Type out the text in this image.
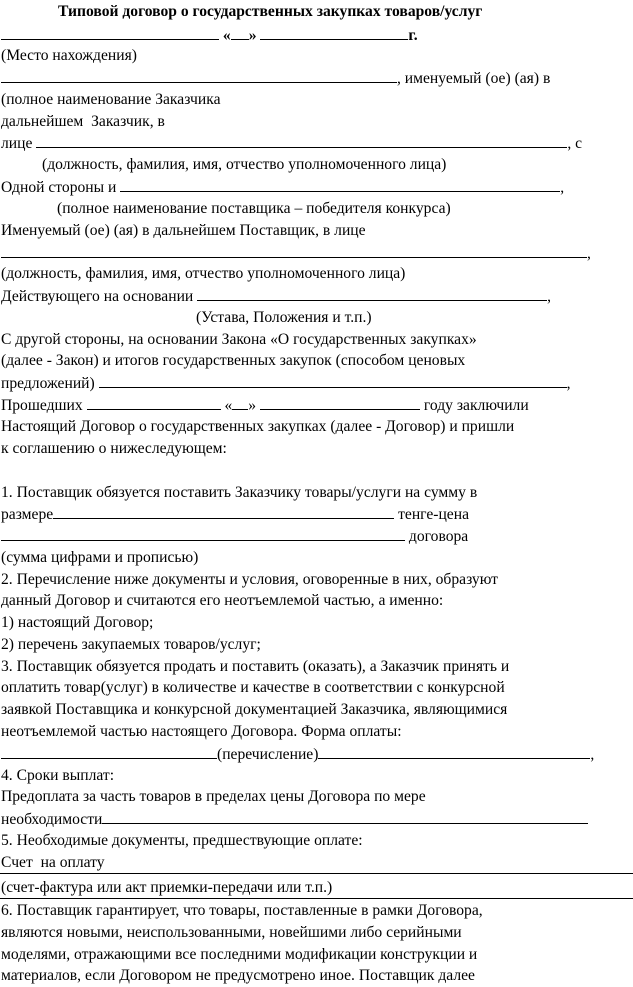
Типовой договор о государственных закупках товаров/услуг
« »	г.
(Место нахождения)
, именуемый (ое) (ая) в
(полное наименование Заказчика
дальнейшем  Заказчик, в
лице	, с
(должность, фамилия, имя, отчество уполномоченного лица)
Одной стороны и	,
(полное наименование поставщика – победителя конкурса)
Именуемый (ое) (ая) в дальнейшем Поставщик, в лице
,
(должность, фамилия, имя, отчество уполномоченного лица)
Действующего на основании	,
(Устава, Положения и т.п.)
С другой стороны, на основании Закона «О государственных закупках»
(далее - Закон) и итогов государственных закупок (способом ценовых
предложений)	,
Прошедших	« »	году заключили
Настоящий Договор о государственных закупках (далее - Договор) и пришли
к соглашению о нижеследующем:
1. Поставщик обязуется поставить Заказчику товары/услуги на сумму в
размере	тенге-цена
договора
(сумма цифрами и прописью)
2. Перечисление ниже документы и условия, оговоренные в них, образуют
данный Договор и считаются его неотъемлемой частью, а именно:
1) настоящий Договор;
2) перечень закупаемых товаров/услуг;
3. Поставщик обязуется продать и поставить (оказать), а Заказчик принять и
оплатить товар(услуг) в количестве и качестве в соответствии с конкурсной
заявкой Поставщика и конкурсной документацией Заказчика, являющимися
неотъемлемой частью настоящего Договора. Форма оплаты:
(перечисление)	,
4. Сроки выплат:
Предоплата за часть товаров в пределах цены Договора по мере
необходимости
5. Необходимые документы, предшествующие оплате:
Счет  на оплату
(счет-фактура или акт приемки-передачи или т.п.)
6. Поставщик гарантирует, что товары, поставленные в рамки Договора,
являются новыми, неиспользованными, новейшими либо серийными
моделями, отражающими все последними модификации конструкции и
материалов, если Договором не предусмотрено иное. Поставщик далее
